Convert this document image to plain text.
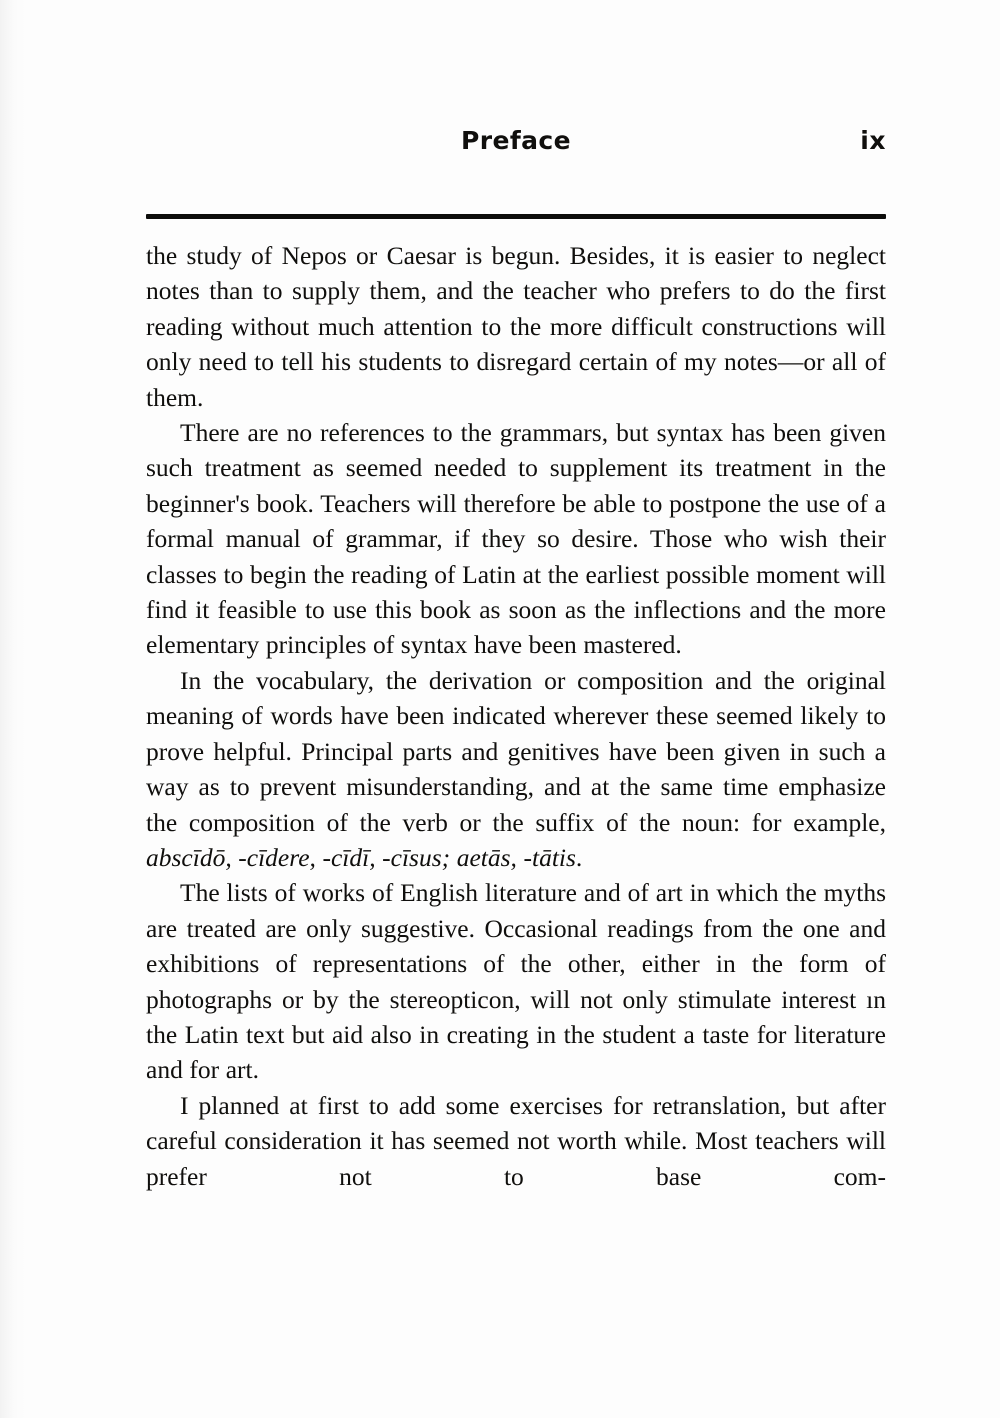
Preface	ix

the study of Nepos or Caesar is begun. Besides, it is easier to neglect notes than to supply them, and the teacher who prefers to do the first reading without much attention to the more difficult constructions will only need to tell his students to disregard certain of my notes—or all of them.

There are no references to the grammars, but syntax has been given such treatment as seemed needed to supplement its treatment in the beginner's book. Teachers will therefore be able to postpone the use of a formal manual of grammar, if they so desire. Those who wish their classes to begin the reading of Latin at the earliest possible moment will find it feasible to use this book as soon as the inflections and the more elementary principles of syntax have been mastered.

In the vocabulary, the derivation or composition and the original meaning of words have been indicated wherever these seemed likely to prove helpful. Principal parts and genitives have been given in such a way as to prevent misunderstanding, and at the same time emphasize the composition of the verb or the suffix of the noun: for example, abscīdō, -cīdere, -cīdī, -cīsus; aetās, -tātis.

The lists of works of English literature and of art in which the myths are treated are only suggestive. Occasional readings from the one and exhibitions of representations of the other, either in the form of photographs or by the stereopticon, will not only stimulate interest ın the Latin text but aid also in creating in the student a taste for literature and for art.

I planned at first to add some exercises for retranslation, but after careful consideration it has seemed not worth while. Most teachers will prefer not to base com-
